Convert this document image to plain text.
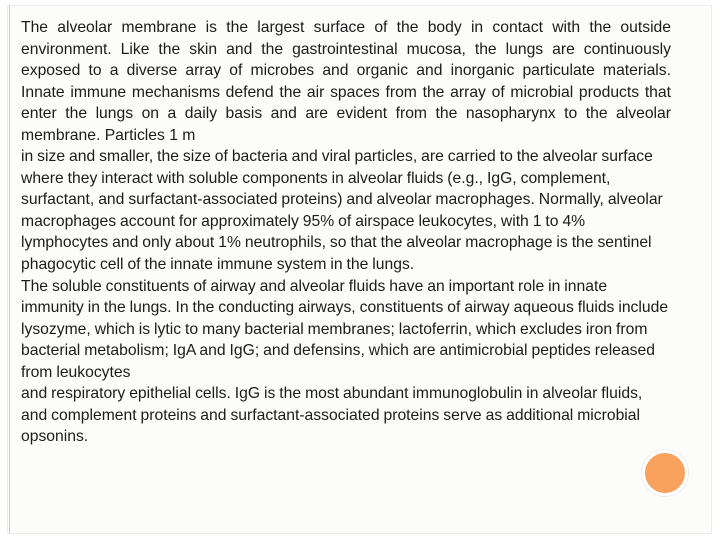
The alveolar membrane is the largest surface of the body in contact with the outside environment. Like the skin and the gastrointestinal mucosa, the lungs are continuously exposed to a diverse array of microbes and organic and inorganic particulate materials. Innate immune mechanisms defend the air spaces from the array of microbial products that enter the lungs on a daily basis and are evident from the nasopharynx to the alveolar membrane. Particles 1 m

in size and smaller, the size of bacteria and viral particles, are carried to the alveolar surface where they interact with soluble components in alveolar fluids (e.g., IgG, complement, surfactant, and surfactant-associated proteins) and alveolar macrophages. Normally, alveolar macrophages account for approximately 95% of airspace leukocytes, with 1 to 4% lymphocytes and only about 1% neutrophils, so that the alveolar macrophage is the sentinel phagocytic cell of the innate immune system in the lungs.

The soluble constituents of airway and alveolar fluids have an important role in innate immunity in the lungs. In the conducting airways, constituents of airway aqueous fluids include lysozyme, which is lytic to many bacterial membranes; lactoferrin, which excludes iron from bacterial metabolism; IgA and IgG; and defensins, which are antimicrobial peptides released from leukocytes

and respiratory epithelial cells. IgG is the most abundant immunoglobulin in alveolar fluids, and complement proteins and surfactant-associated proteins serve as additional microbial opsonins.
